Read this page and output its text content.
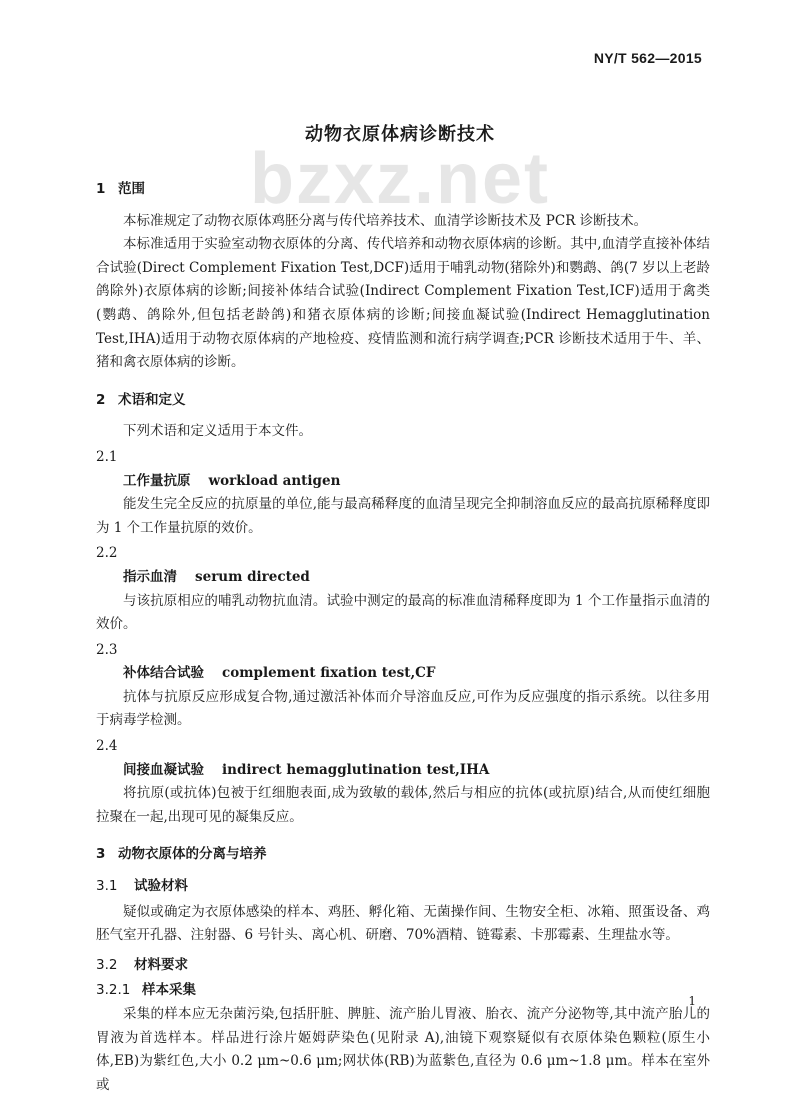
NY/T 562—2015
bzxz.net
动物衣原体病诊断技术
1 范围

本标准规定了动物衣原体鸡胚分离与传代培养技术、血清学诊断技术及 PCR 诊断技术。

本标准适用于实验室动物衣原体的分离、传代培养和动物衣原体病的诊断。其中,血清学直接补体结合试验(Direct Complement Fixation Test,DCF)适用于哺乳动物(猪除外)和鹦鹉、鸽(7 岁以上老龄鸽除外)衣原体病的诊断;间接补体结合试验(Indirect Complement Fixation Test,ICF)适用于禽类(鹦鹉、鸽除外,但包括老龄鸽)和猪衣原体病的诊断;间接血凝试验(Indirect Hemagglutination Test,IHA)适用于动物衣原体病的产地检疫、疫情监测和流行病学调查;PCR 诊断技术适用于牛、羊、猪和禽衣原体病的诊断。

2 术语和定义

下列术语和定义适用于本文件。

2.1
工作量抗原 workload antigen

能发生完全反应的抗原量的单位,能与最高稀释度的血清呈现完全抑制溶血反应的最高抗原稀释度即为 1 个工作量抗原的效价。

2.2
指示血清 serum directed

与该抗原相应的哺乳动物抗血清。试验中测定的最高的标准血清稀释度即为 1 个工作量指示血清的效价。

2.3
补体结合试验 complement fixation test,CF

抗体与抗原反应形成复合物,通过激活补体而介导溶血反应,可作为反应强度的指示系统。以往多用于病毒学检测。

2.4
间接血凝试验 indirect hemagglutination test,IHA

将抗原(或抗体)包被于红细胞表面,成为致敏的载体,然后与相应的抗体(或抗原)结合,从而使红细胞拉聚在一起,出现可见的凝集反应。

3 动物衣原体的分离与培养
3.1 试验材料

疑似或确定为衣原体感染的样本、鸡胚、孵化箱、无菌操作间、生物安全柜、冰箱、照蛋设备、鸡胚气室开孔器、注射器、6 号针头、离心机、研磨、70%酒精、链霉素、卡那霉素、生理盐水等。

3.2 材料要求
3.2.1 样本采集

采集的样本应无杂菌污染,包括肝脏、脾脏、流产胎儿胃液、胎衣、流产分泌物等,其中流产胎儿的胃液为首选样本。样品进行涂片姬姆萨染色(见附录 A),油镜下观察疑似有衣原体染色颗粒(原生小体,EB)为紫红色,大小 0.2 μm~0.6 μm;网状体(RB)为蓝紫色,直径为 0.6 μm~1.8 μm。样本在室外或

1
